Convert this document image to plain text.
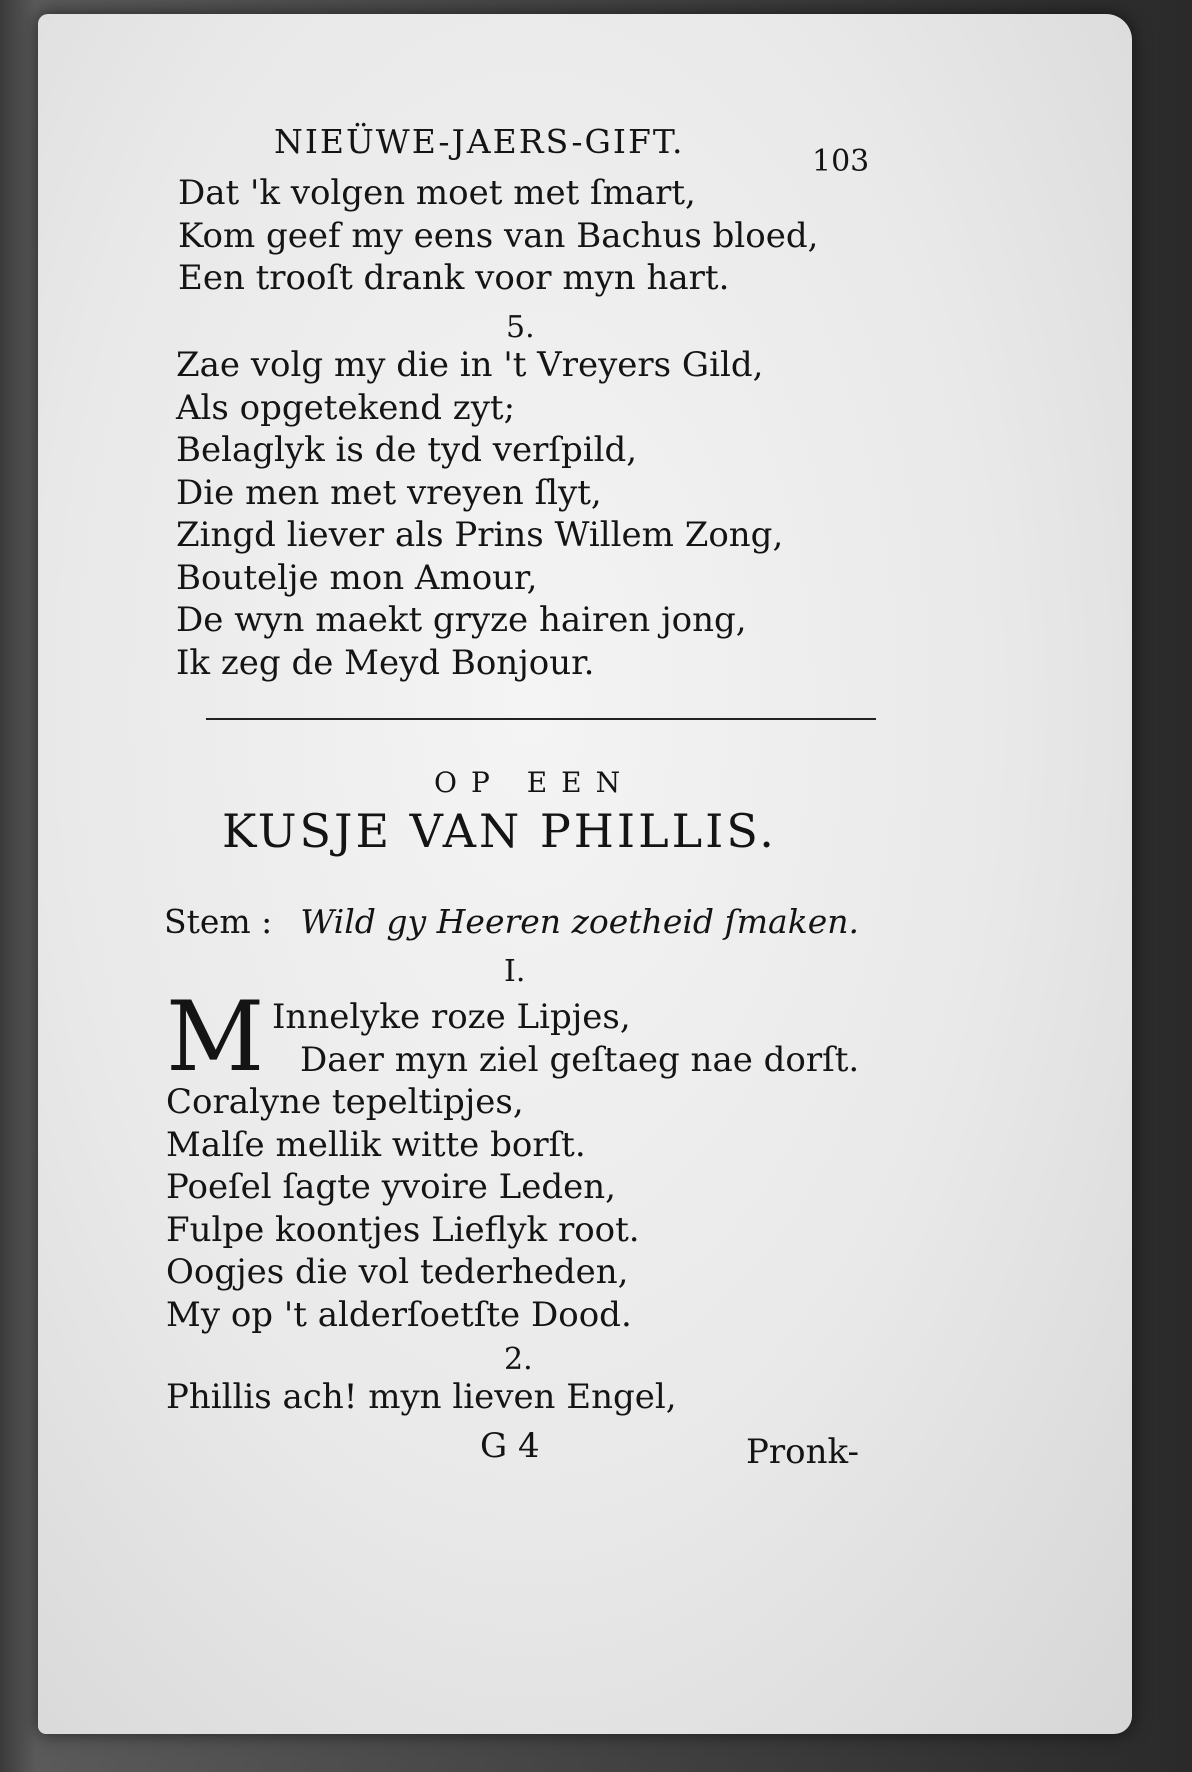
NIEÜWE-JAERS-GIFT.
103
Dat 'k volgen moet met ſmart,
Kom geef my eens van Bachus bloed,
Een trooſt drank voor myn hart.
5.
Zae volg my die in 't Vreyers Gild,
Als opgetekend zyt;
Belaglyk is de tyd verſpild,
Die men met vreyen ſlyt,
Zingd liever als Prins Willem Zong,
Boutelje mon Amour,
De wyn maekt gryze hairen jong,
Ik zeg de Meyd Bonjour.
OP EEN
KUSJE VAN PHILLIS.
Stem : Wild gy Heeren zoetheid ſmaken.
I.
M Innelyke roze Lipjes,
Daer myn ziel geſtaeg nae dorſt.
Coralyne tepeltipjes,
Malſe mellik witte borſt.
Poeſel ſagte yvoire Leden,
Fulpe koontjes Lieflyk root.
Oogjes die vol tederheden,
My op 't alderſoetſte Dood.
2.
Phillis ach! myn lieven Engel,
G 4	Pronk-
